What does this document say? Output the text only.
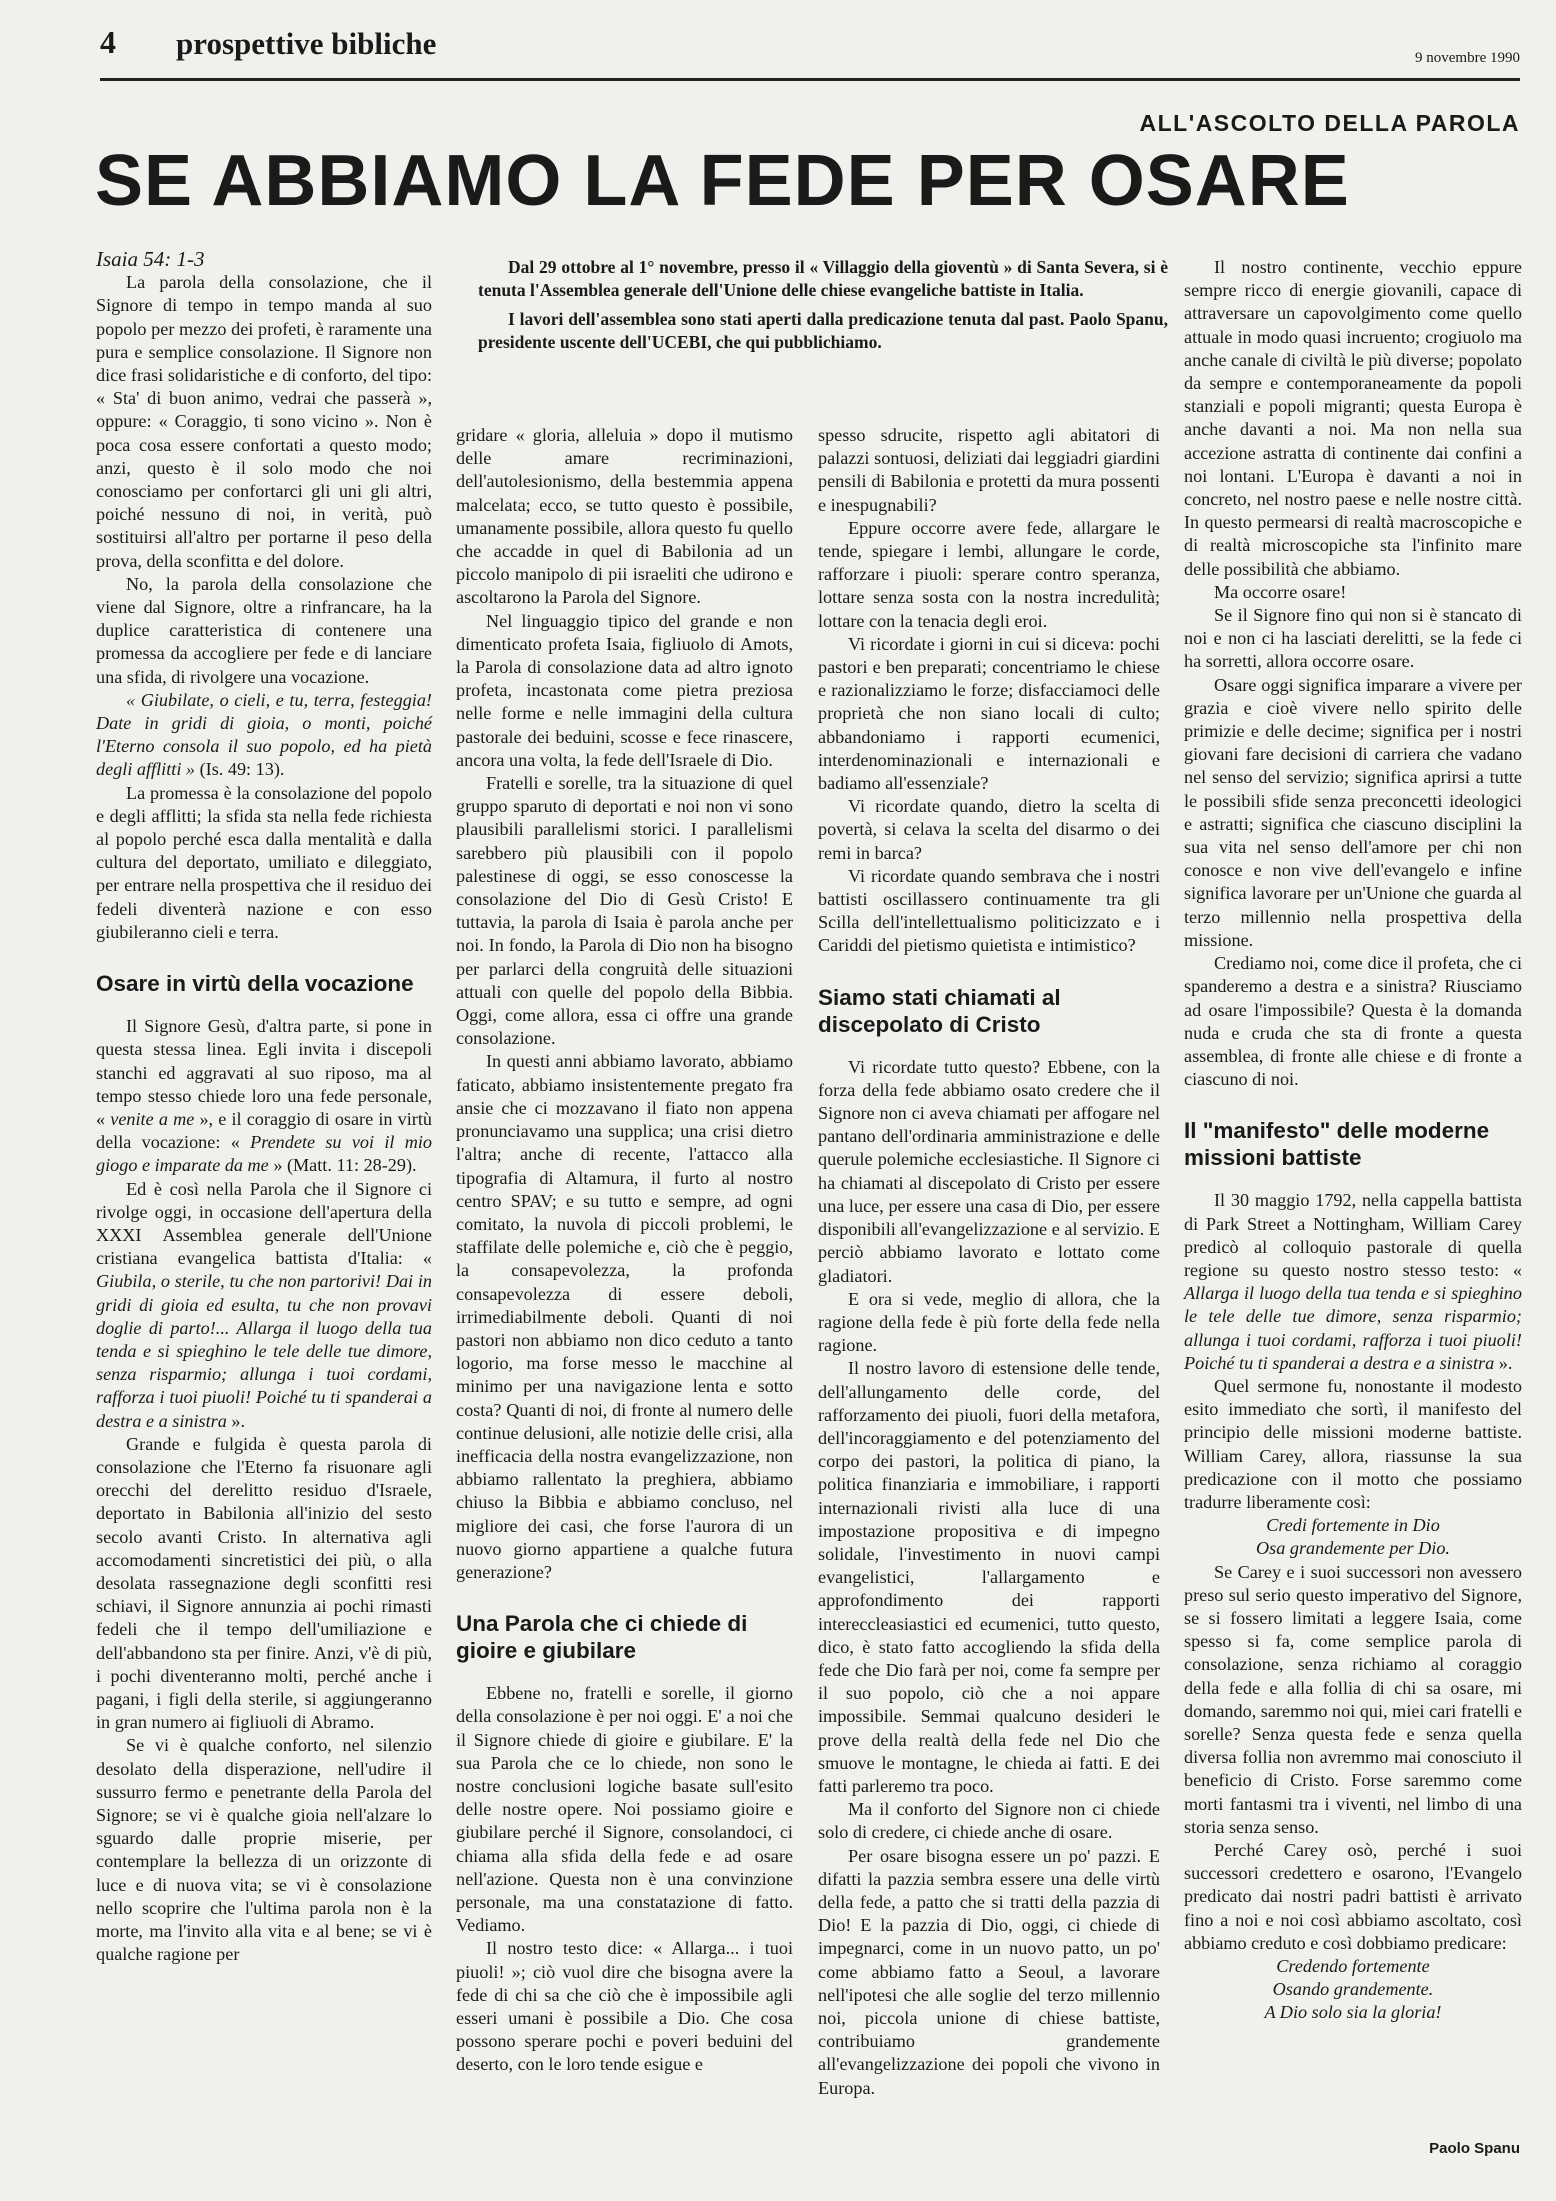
4 prospettive bibliche	9 novembre 1990
ALL'ASCOLTO DELLA PAROLA
SE ABBIAMO LA FEDE PER OSARE

Isaia 54: 1-3

La parola della consolazione, che il Signore di tempo in tempo manda al suo popolo per mezzo dei profeti, è raramente una pura e semplice consolazione. Il Signore non dice frasi solidaristiche e di conforto, del tipo: « Sta' di buon animo, vedrai che passerà », oppure: « Coraggio, ti sono vicino ». Non è poca cosa essere confortati a questo modo; anzi, questo è il solo modo che noi conosciamo per confortarci gli uni gli altri, poiché nessuno di noi, in verità, può sostituirsi all'altro per portarne il peso della prova, della sconfitta e del dolore.

No, la parola della consolazione che viene dal Signore, oltre a rinfrancare, ha la duplice caratteristica di contenere una promessa da accogliere per fede e di lanciare una sfida, di rivolgere una vocazione.

« Giubilate, o cieli, e tu, terra, festeggia! Date in gridi di gioia, o monti, poiché l'Eterno consola il suo popolo, ed ha pietà degli afflitti » (Is. 49: 13).

La promessa è la consolazione del popolo e degli afflitti; la sfida sta nella fede richiesta al popolo perché esca dalla mentalità e dalla cultura del deportato, umiliato e dileggiato, per entrare nella prospettiva che il residuo dei fedeli diventerà nazione e con esso giubileranno cieli e terra.

Osare in virtù della vocazione

Il Signore Gesù, d'altra parte, si pone in questa stessa linea. Egli invita i discepoli stanchi ed aggravati al suo riposo, ma al tempo stesso chiede loro una fede personale, « venite a me », e il coraggio di osare in virtù della vocazione: « Prendete su voi il mio giogo e imparate da me » (Matt. 11: 28-29).

Ed è così nella Parola che il Signore ci rivolge oggi, in occasione dell'apertura della XXXI Assemblea generale dell'Unione cristiana evangelica battista d'Italia: « Giubila, o sterile, tu che non partorivi! Dai in gridi di gioia ed esulta, tu che non provavi doglie di parto!... Allarga il luogo della tua tenda e si spieghino le tele delle tue dimore, senza risparmio; allunga i tuoi cordami, rafforza i tuoi piuoli! Poiché tu ti spanderai a destra e a sinistra ».

Grande e fulgida è questa parola di consolazione che l'Eterno fa risuonare agli orecchi del derelitto residuo d'Israele, deportato in Babilonia all'inizio del sesto secolo avanti Cristo. In alternativa agli accomodamenti sincretistici dei più, o alla desolata rassegnazione degli sconfitti resi schiavi, il Signore annunzia ai pochi rimasti fedeli che il tempo dell'umiliazione e dell'abbandono sta per finire. Anzi, v'è di più, i pochi diventeranno molti, perché anche i pagani, i figli della sterile, si aggiungeranno in gran numero ai figliuoli di Abramo.

Se vi è qualche conforto, nel silenzio desolato della disperazione, nell'udire il sussurro fermo e penetrante della Parola del Signore; se vi è qualche gioia nell'alzare lo sguardo dalle proprie miserie, per contemplare la bellezza di un orizzonte di luce e di nuova vita; se vi è consolazione nello scoprire che l'ultima parola non è la morte, ma l'invito alla vita e al bene; se vi è qualche ragione per

Dal 29 ottobre al 1° novembre, presso il « Villaggio della gioventù » di Santa Severa, si è tenuta l'Assemblea generale dell'Unione delle chiese evangeliche battiste in Italia.

I lavori dell'assemblea sono stati aperti dalla predicazione tenuta dal past. Paolo Spanu, presidente uscente dell'UCEBI, che qui pubblichiamo.

gridare « gloria, alleluia » dopo il mutismo delle amare recriminazioni, dell'autolesionismo, della bestemmia appena malcelata; ecco, se tutto questo è possibile, umanamente possibile, allora questo fu quello che accadde in quel di Babilonia ad un piccolo manipolo di pii israeliti che udirono e ascoltarono la Parola del Signore.

Nel linguaggio tipico del grande e non dimenticato profeta Isaia, figliuolo di Amots, la Parola di consolazione data ad altro ignoto profeta, incastonata come pietra preziosa nelle forme e nelle immagini della cultura pastorale dei beduini, scosse e fece rinascere, ancora una volta, la fede dell'Israele di Dio.

Fratelli e sorelle, tra la situazione di quel gruppo sparuto di deportati e noi non vi sono plausibili parallelismi storici. I parallelismi sarebbero più plausibili con il popolo palestinese di oggi, se esso conoscesse la consolazione del Dio di Gesù Cristo! E tuttavia, la parola di Isaia è parola anche per noi. In fondo, la Parola di Dio non ha bisogno per parlarci della congruità delle situazioni attuali con quelle del popolo della Bibbia. Oggi, come allora, essa ci offre una grande consolazione.

In questi anni abbiamo lavorato, abbiamo faticato, abbiamo insistentemente pregato fra ansie che ci mozzavano il fiato non appena pronunciavamo una supplica; una crisi dietro l'altra; anche di recente, l'attacco alla tipografia di Altamura, il furto al nostro centro SPAV; e su tutto e sempre, ad ogni comitato, la nuvola di piccoli problemi, le staffilate delle polemiche e, ciò che è peggio, la consapevolezza, la profonda consapevolezza di essere deboli, irrimediabilmente deboli. Quanti di noi pastori non abbiamo non dico ceduto a tanto logorio, ma forse messo le macchine al minimo per una navigazione lenta e sotto costa? Quanti di noi, di fronte al numero delle continue delusioni, alle notizie delle crisi, alla inefficacia della nostra evangelizzazione, non abbiamo rallentato la preghiera, abbiamo chiuso la Bibbia e abbiamo concluso, nel migliore dei casi, che forse l'aurora di un nuovo giorno appartiene a qualche futura generazione?

Una Parola che ci chiede di gioire e giubilare

Ebbene no, fratelli e sorelle, il giorno della consolazione è per noi oggi. E' a noi che il Signore chiede di gioire e giubilare. E' la sua Parola che ce lo chiede, non sono le nostre conclusioni logiche basate sull'esito delle nostre opere. Noi possiamo gioire e giubilare perché il Signore, consolandoci, ci chiama alla sfida della fede e ad osare nell'azione. Questa non è una convinzione personale, ma una constatazione di fatto. Vediamo.

Il nostro testo dice: « Allarga... i tuoi piuoli! »; ciò vuol dire che bisogna avere la fede di chi sa che ciò che è impossibile agli esseri umani è possibile a Dio. Che cosa possono sperare pochi e poveri beduini del deserto, con le loro tende esigue e

spesso sdrucite, rispetto agli abitatori di palazzi sontuosi, deliziati dai leggiadri giardini pensili di Babilonia e protetti da mura possenti e inespugnabili?

Eppure occorre avere fede, allargare le tende, spiegare i lembi, allungare le corde, rafforzare i piuoli: sperare contro speranza, lottare senza sosta con la nostra incredulità; lottare con la tenacia degli eroi.

Vi ricordate i giorni in cui si diceva: pochi pastori e ben preparati; concentriamo le chiese e razionalizziamo le forze; disfacciamoci delle proprietà che non siano locali di culto; abbandoniamo i rapporti ecumenici, interdenominazionali e internazionali e badiamo all'essenziale?

Vi ricordate quando, dietro la scelta di povertà, si celava la scelta del disarmo o dei remi in barca?

Vi ricordate quando sembrava che i nostri battisti oscillassero continuamente tra gli Scilla dell'intellettualismo politicizzato e i Cariddi del pietismo quietista e intimistico?

Siamo stati chiamati al discepolato di Cristo

Vi ricordate tutto questo? Ebbene, con la forza della fede abbiamo osato credere che il Signore non ci aveva chiamati per affogare nel pantano dell'ordinaria amministrazione e delle querule polemiche ecclesiastiche. Il Signore ci ha chiamati al discepolato di Cristo per essere una luce, per essere una casa di Dio, per essere disponibili all'evangelizzazione e al servizio. E perciò abbiamo lavorato e lottato come gladiatori.

E ora si vede, meglio di allora, che la ragione della fede è più forte della fede nella ragione.

Il nostro lavoro di estensione delle tende, dell'allungamento delle corde, del rafforzamento dei piuoli, fuori della metafora, dell'incoraggiamento e del potenziamento del corpo dei pastori, la politica di piano, la politica finanziaria e immobiliare, i rapporti internazionali rivisti alla luce di una impostazione propositiva e di impegno solidale, l'investimento in nuovi campi evangelistici, l'allargamento e approfondimento dei rapporti intereccleasiastici ed ecumenici, tutto questo, dico, è stato fatto accogliendo la sfida della fede che Dio farà per noi, come fa sempre per il suo popolo, ciò che a noi appare impossibile. Semmai qualcuno desideri le prove della realtà della fede nel Dio che smuove le montagne, le chieda ai fatti. E dei fatti parleremo tra poco.

Ma il conforto del Signore non ci chiede solo di credere, ci chiede anche di osare.

Per osare bisogna essere un po' pazzi. E difatti la pazzia sembra essere una delle virtù della fede, a patto che si tratti della pazzia di Dio! E la pazzia di Dio, oggi, ci chiede di impegnarci, come in un nuovo patto, un po' come abbiamo fatto a Seoul, a lavorare nell'ipotesi che alle soglie del terzo millennio noi, piccola unione di chiese battiste, contribuiamo grandemente all'evangelizzazione dei popoli che vivono in Europa.

Il nostro continente, vecchio eppure sempre ricco di energie giovanili, capace di attraversare un capovolgimento come quello attuale in modo quasi incruento; crogiuolo ma anche canale di civiltà le più diverse; popolato da sempre e contemporaneamente da popoli stanziali e popoli migranti; questa Europa è anche davanti a noi. Ma non nella sua accezione astratta di continente dai confini a noi lontani. L'Europa è davanti a noi in concreto, nel nostro paese e nelle nostre città. In questo permearsi di realtà macroscopiche e di realtà microscopiche sta l'infinito mare delle possibilità che abbiamo.

Ma occorre osare!

Se il Signore fino qui non si è stancato di noi e non ci ha lasciati derelitti, se la fede ci ha sorretti, allora occorre osare.

Osare oggi significa imparare a vivere per grazia e cioè vivere nello spirito delle primizie e delle decime; significa per i nostri giovani fare decisioni di carriera che vadano nel senso del servizio; significa aprirsi a tutte le possibili sfide senza preconcetti ideologici e astratti; significa che ciascuno disciplini la sua vita nel senso dell'amore per chi non conosce e non vive dell'evangelo e infine significa lavorare per un'Unione che guarda al terzo millennio nella prospettiva della missione.

Crediamo noi, come dice il profeta, che ci spanderemo a destra e a sinistra? Riusciamo ad osare l'impossibile? Questa è la domanda nuda e cruda che sta di fronte a questa assemblea, di fronte alle chiese e di fronte a ciascuno di noi.

Il "manifesto" delle moderne missioni battiste

Il 30 maggio 1792, nella cappella battista di Park Street a Nottingham, William Carey predicò al colloquio pastorale di quella regione su questo nostro stesso testo: « Allarga il luogo della tua tenda e si spieghino le tele delle tue dimore, senza risparmio; allunga i tuoi cordami, rafforza i tuoi piuoli! Poiché tu ti spanderai a destra e a sinistra ».

Quel sermone fu, nonostante il modesto esito immediato che sortì, il manifesto del principio delle missioni moderne battiste. William Carey, allora, riassunse la sua predicazione con il motto che possiamo tradurre liberamente così:

Credi fortemente in Dio

Osa grandemente per Dio.

Se Carey e i suoi successori non avessero preso sul serio questo imperativo del Signore, se si fossero limitati a leggere Isaia, come spesso si fa, come semplice parola di consolazione, senza richiamo al coraggio della fede e alla follia di chi sa osare, mi domando, saremmo noi qui, miei cari fratelli e sorelle? Senza questa fede e senza quella diversa follia non avremmo mai conosciuto il beneficio di Cristo. Forse saremmo come morti fantasmi tra i viventi, nel limbo di una storia senza senso.

Perché Carey osò, perché i suoi successori credettero e osarono, l'Evangelo predicato dai nostri padri battisti è arrivato fino a noi e noi così abbiamo ascoltato, così abbiamo creduto e così dobbiamo predicare:

Credendo fortemente

Osando grandemente.

A Dio solo sia la gloria!

Paolo Spanu
